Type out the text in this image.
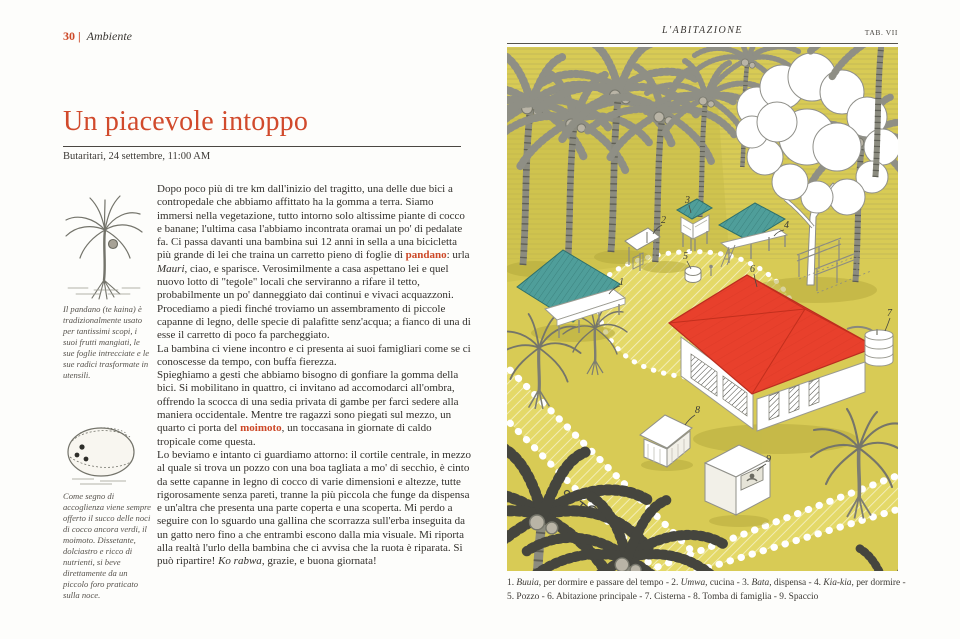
30 | Ambiente
Un piacevole intoppo
Butaritari, 24 settembre, 11:00 AM
Il pandano (te kaina) è tradizionalmente usato per tantissimi scopi, i suoi frutti mangiati, le sue foglie intrecciate e le sue radici trasformate in utensili.
Come segno di accoglienza viene sempre offerto il succo delle noci di cocco ancora verdi, il moimoto. Dissetante, dolciastro e ricco di nutrienti, si beve direttamente da un piccolo foro praticato sulla noce.

Dopo poco più di tre km dall'inizio del tragitto, una delle due bici a contropedale che abbiamo affittato ha la gomma a terra. Siamo immersi nella vegetazione, tutto intorno solo altissime piante di cocco e banane; l'ultima casa l'abbiamo incontrata oramai un po' di pedalate fa. Ci passa davanti una bambina sui 12 anni in sella a una bicicletta più grande di lei che traina un carretto pieno di foglie di pandano: urla Mauri, ciao, e sparisce. Verosimilmente a casa aspettano lei e quel nuovo lotto di "tegole" locali che serviranno a rifare il tetto, probabilmente un po' danneggiato dai continui e vivaci acquazzoni.

Procediamo a piedi finché troviamo un assembramento di piccole capanne di legno, delle specie di palafitte senz'acqua; a fianco di una di esse il carretto di poco fa parcheggiato.

La bambina ci viene incontro e ci presenta ai suoi famigliari come se ci conoscesse da tempo, con buffa fierezza.

Spieghiamo a gesti che abbiamo bisogno di gonfiare la gomma della bici. Si mobilitano in quattro, ci invitano ad accomodarci all'ombra, offrendo la scocca di una sedia privata di gambe per farci sedere alla maniera occidentale. Mentre tre ragazzi sono piegati sul mezzo, un quarto ci porta del moimoto, un toccasana in giornate di caldo tropicale come questa.

Lo beviamo e intanto ci guardiamo attorno: il cortile centrale, in mezzo al quale si trova un pozzo con una boa tagliata a mo' di secchio, è cinto da sette capanne in legno di cocco di varie dimensioni e altezze, tutte rigorosamente senza pareti, tranne la più piccola che funge da dispensa e un'altra che presenta una parte coperta e una scoperta. Mi perdo a seguire con lo sguardo una gallina che scorrazza sull'erba inseguita da un gatto nero fino a che entrambi escono dalla mia visuale. Mi riporta alla realtà l'urlo della bambina che ci avvisa che la ruota è riparata. Si può ripartire! Ko rabwa, grazie, e buona giornata!

L'ABITAZIONE	TAB. VII
1
2
3
4
5
6
7
8
9

1. Buuia, per dormire e passare del tempo - 2. Umwa, cucina - 3. Bata, dispensa - 4. Kia-kia, per dormire -

5. Pozzo - 6. Abitazione principale - 7. Cisterna - 8. Tomba di famiglia - 9. Spaccio
